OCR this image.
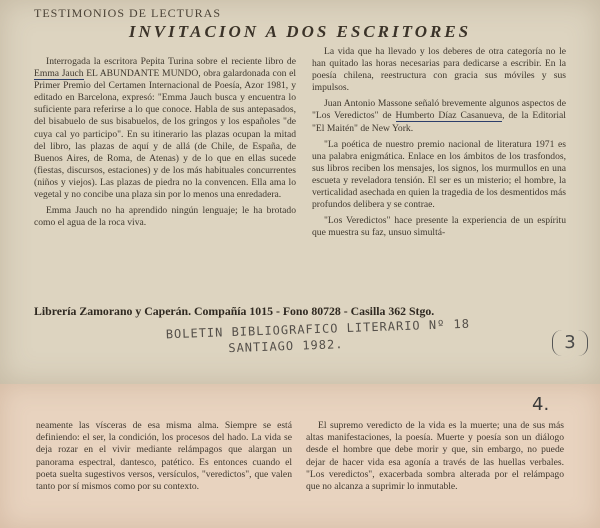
TESTIMONIOS DE LECTURAS
INVITACION A DOS ESCRITORES

Interrogada la escritora Pepita Turina sobre el reciente libro de Emma Jauch EL ABUNDANTE MUNDO, obra galardonada con el Primer Premio del Certamen Internacional de Poesía, Azor 1981, y editado en Barcelona, expresó: "Emma Jauch busca y encuentra lo suficiente para referirse a lo que conoce. Habla de sus antepasados, del bisabuelo de sus bisabuelos, de los gringos y los españoles "de cuya cal yo participo". En su itinerario las plazas ocupan la mitad del libro, las plazas de aquí y de allá (de Chile, de España, de Buenos Aires, de Roma, de Atenas) y de lo que en ellas sucede (fiestas, discursos, estaciones) y de los más habituales concurrentes (niños y viejos). Las plazas de piedra no la convencen. Ella ama lo vegetal y no concibe una plaza sin por lo menos una enredadera.

Emma Jauch no ha aprendido ningún lenguaje; le ha brotado como el agua de la roca viva.

La vida que ha llevado y los deberes de otra categoría no le han quitado las horas necesarias para dedicarse a escribir. En la poesía chilena, reestructura con gracia sus móviles y sus impulsos.

Juan Antonio Massone señaló brevemente algunos aspectos de "Los Veredictos" de Humberto Díaz Casanueva, de la Editorial "El Maitén" de New York.

"La poética de nuestro premio nacional de literatura 1971 es una palabra enigmática. Enlace en los ámbitos de los trasfondos, sus libros reciben los mensajes, los signos, los murmullos en una escueta y reveladora tensión. El ser es un misterio; el hombre, la verticalidad asechada en quien la tragedia de los desmentidos más profundos delibera y se contrae.

"Los Veredictos" hace presente la experiencia de un espíritu que muestra su faz, unsuo simultá-

Librería Zamorano y Caperán. Compañía 1015 - Fono 80728 - Casilla 362 Stgo.
BOLETIN BIBLIOGRAFICO LITERARIO Nº 18
SANTIAGO 1982.	3
4.

neamente las vísceras de esa misma alma. Siempre se está definiendo: el ser, la condición, los procesos del hado. La vida se deja rozar en el vivir mediante relámpagos que alargan un panorama espectral, dantesco, patético. Es entonces cuando el poeta suelta sugestivos versos, versículos, "veredictos", que valen tanto por sí mismos como por su contexto.

El supremo veredicto de la vida es la muerte; una de sus más altas manifestaciones, la poesía. Muerte y poesía son un diálogo desde el hombre que debe morir y que, sin embargo, no puede dejar de hacer vida esa agonía a través de las huellas verbales. "Los veredictos", exacerbada sombra alterada por el relámpago que no alcanza a suprimir lo inmutable.
